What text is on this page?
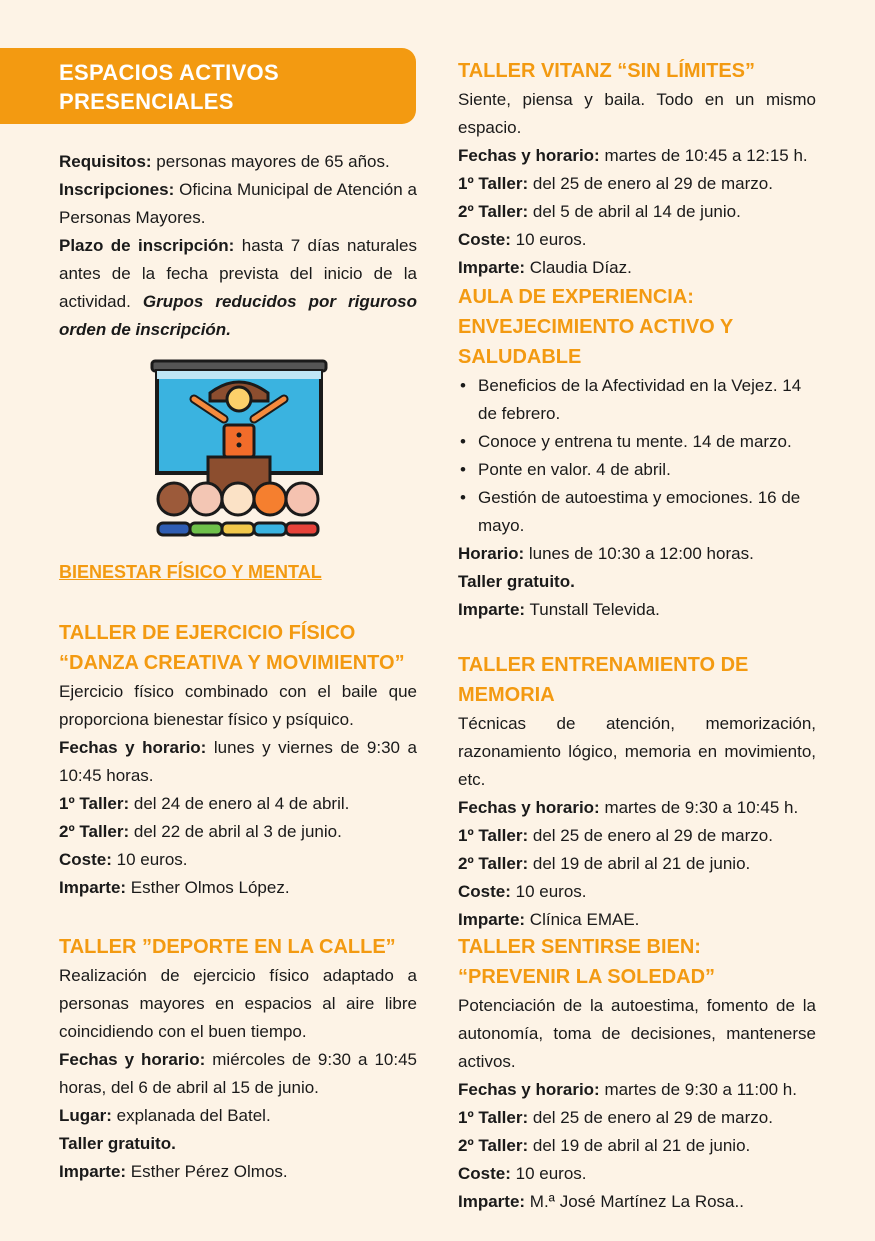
ESPACIOS ACTIVOS
PRESENCIALES

Requisitos: personas mayores de 65 años.

Inscripciones: Oficina Municipal de Atención a Personas Mayores.

Plazo de inscripción: hasta 7 días naturales antes de la fecha prevista del inicio de la actividad. Grupos reducidos por riguroso orden de inscripción.

BIENESTAR FÍSICO Y MENTAL
TALLER DE EJERCICIO FÍSICO
“DANZA CREATIVA Y MOVIMIENTO”

Ejercicio físico combinado con el baile que proporciona bienestar físico y psíquico.

Fechas y horario: lunes y viernes de 9:30 a 10:45 horas.

1º Taller: del 24 de enero al 4 de abril.

2º Taller: del 22 de abril al 3 de junio.

Coste: 10 euros.

Imparte: Esther Olmos López.

TALLER ”DEPORTE EN LA CALLE”

Realización de ejercicio físico adaptado a personas mayores en espacios al aire libre coincidiendo con el buen tiempo.

Fechas y horario: miércoles de 9:30 a 10:45 horas, del 6 de abril al 15 de junio.

Lugar: explanada del Batel.

Taller gratuito.

Imparte: Esther Pérez Olmos.

TALLER VITANZ “SIN LÍMITES”

Siente, piensa y baila. Todo en un mismo espacio.

Fechas y horario: martes de 10:45 a 12:15 h.

1º Taller: del 25 de enero al 29 de marzo.

2º Taller: del 5 de abril al 14 de junio.

Coste: 10 euros.

Imparte: Claudia Díaz.

AULA DE EXPERIENCIA:
ENVEJECIMIENTO ACTIVO Y
SALUDABLE
• Beneficios de la Afectividad en la Vejez. 14 de febrero.
• Conoce y entrena tu mente. 14 de marzo.
• Ponte en valor. 4 de abril.
• Gestión de autoestima y emociones. 16 de mayo.

Horario: lunes de 10:30 a 12:00 horas.

Taller gratuito.

Imparte: Tunstall Televida.

TALLER ENTRENAMIENTO DE
MEMORIA

Técnicas de atención, memorización, razonamiento lógico, memoria en movimiento, etc.

Fechas y horario: martes de 9:30 a 10:45 h.

1º Taller: del 25 de enero al 29 de marzo.

2º Taller: del 19 de abril al 21 de junio.

Coste: 10 euros.

Imparte: Clínica EMAE.

TALLER SENTIRSE BIEN:
“PREVENIR LA SOLEDAD”

Potenciación de la autoestima, fomento de la autonomía, toma de decisiones, mantenerse activos.

Fechas y horario: martes de 9:30 a 11:00 h.

1º Taller: del 25 de enero al 29 de marzo.

2º Taller: del 19 de abril al 21 de junio.

Coste: 10 euros.

Imparte: M.ª José Martínez La Rosa..
